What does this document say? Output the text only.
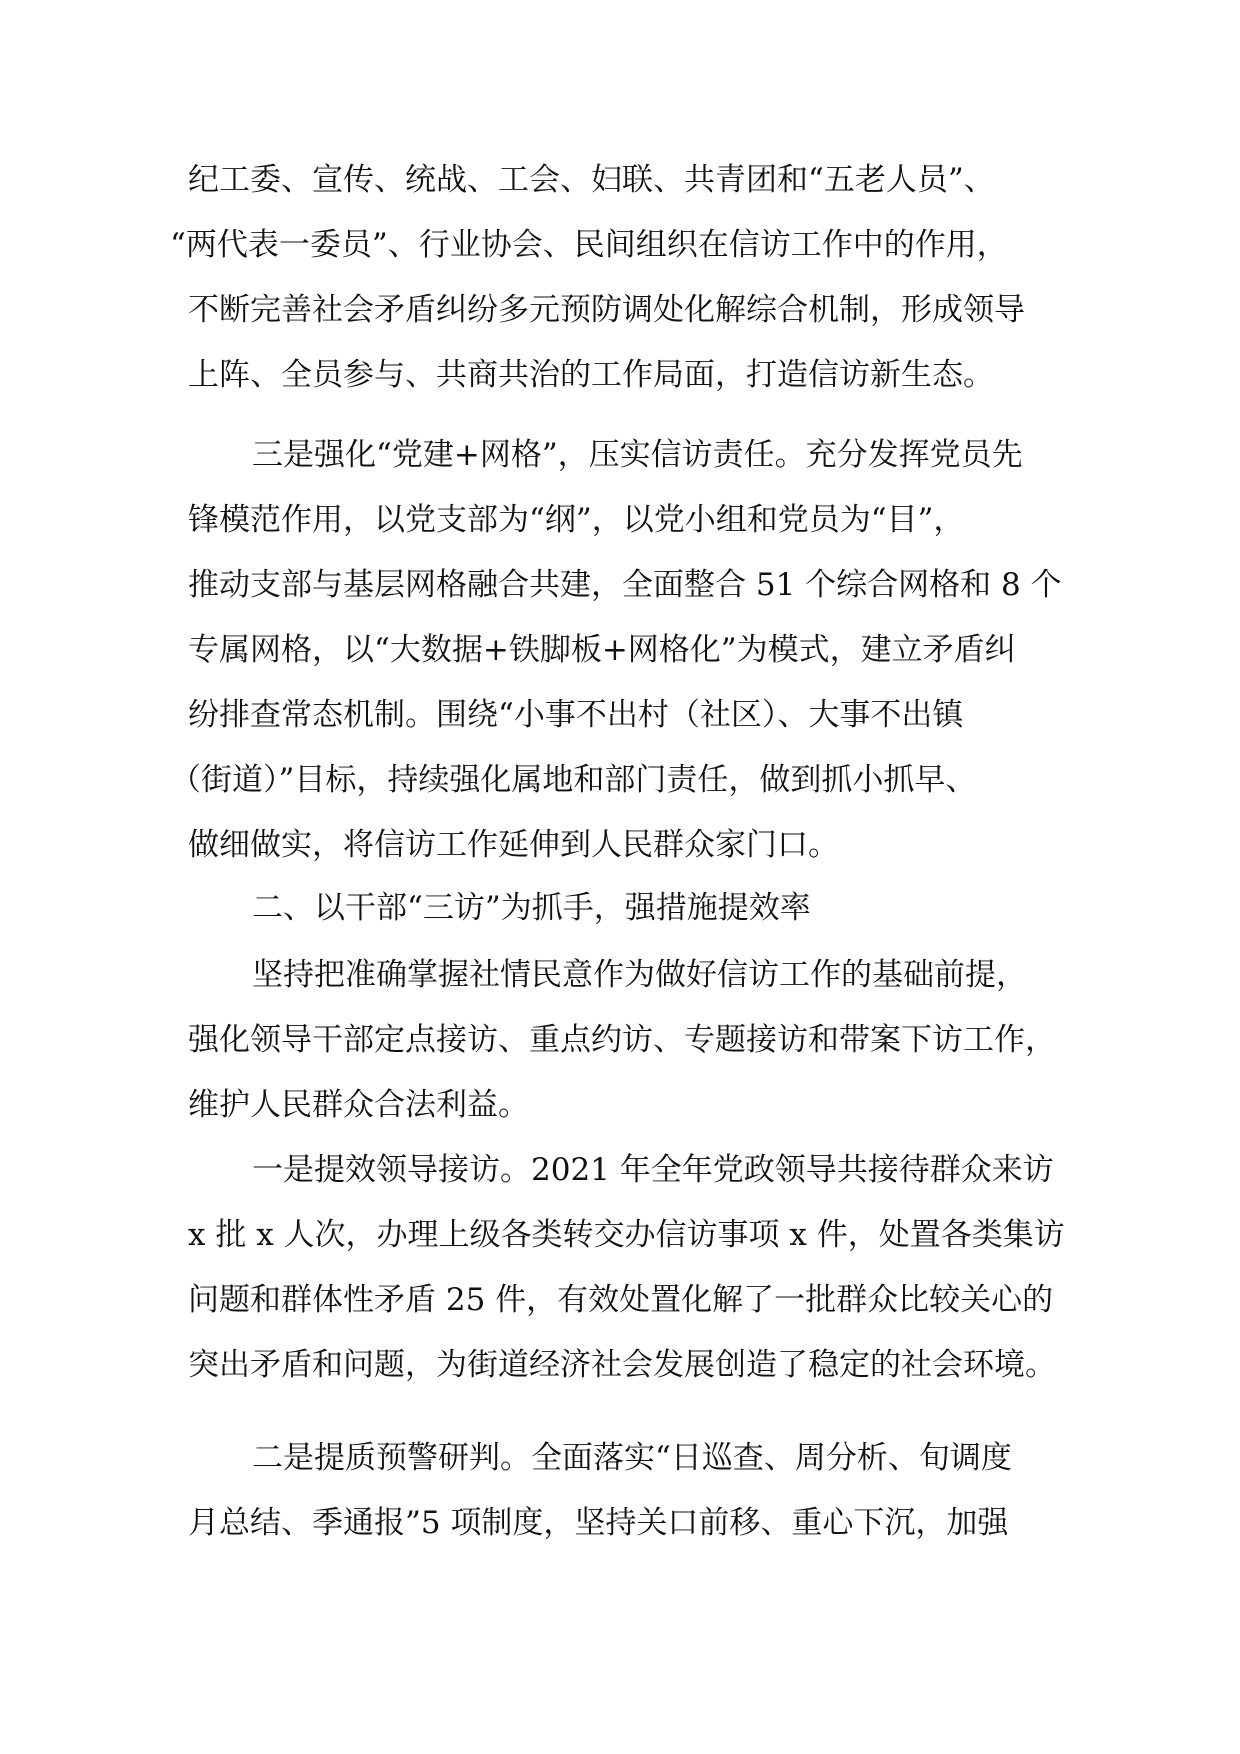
纪工委、宣传、统战、工会、妇联、共青团和“五老人员”、
“两代表一委员”、行业协会、民间组织在信访工作中的作用，
不断完善社会矛盾纠纷多元预防调处化解综合机制，形成领导
上阵、全员参与、共商共治的工作局面，打造信访新生态。
三是强化“党建+网格”，压实信访责任。充分发挥党员先
锋模范作用，以党支部为“纲”，以党小组和党员为“目”，
推动支部与基层网格融合共建，全面整合 51 个综合网格和 8 个
专属网格，以“大数据+铁脚板+网格化”为模式，建立矛盾纠
纷排查常态机制。围绕“小事不出村（社区）、大事不出镇
（街道）”目标，持续强化属地和部门责任，做到抓小抓早、
做细做实，将信访工作延伸到人民群众家门口。
二、以干部“三访”为抓手，强措施提效率
坚持把准确掌握社情民意作为做好信访工作的基础前提，
强化领导干部定点接访、重点约访、专题接访和带案下访工作，
维护人民群众合法利益。
一是提效领导接访。2021 年全年党政领导共接待群众来访
x 批 x 人次，办理上级各类转交办信访事项 x 件，处置各类集访
问题和群体性矛盾 25 件，有效处置化解了一批群众比较关心的
突出矛盾和问题，为街道经济社会发展创造了稳定的社会环境。
二是提质预警研判。全面落实“日巡查、周分析、旬调度
月总结、季通报”5 项制度，坚持关口前移、重心下沉，加强
